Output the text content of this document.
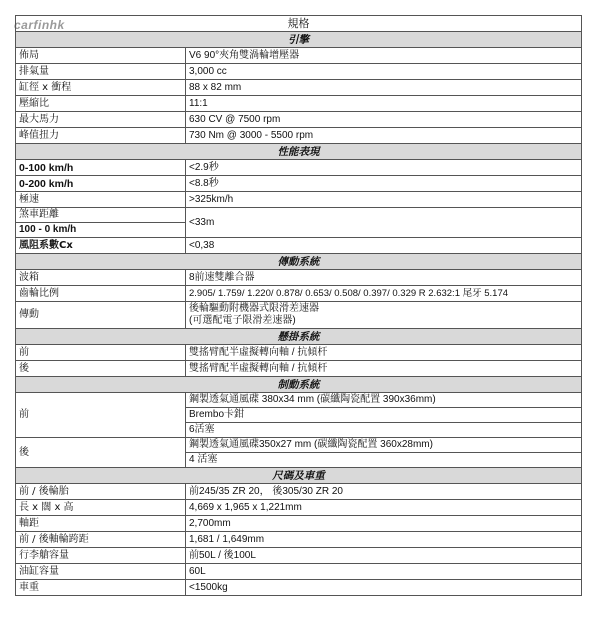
carfinhk	規格	
引擎	
佈局	V6 90°夾角雙渦輪增壓器
排氣量	3,000 cc
缸徑 x 衝程	88 x 82 mm
壓縮比	11:1
最大馬力	630 CV @ 7500 rpm
峰值扭力	730 Nm @ 3000 - 5500 rpm
性能表現	
0-100 km/h	<2.9秒
0-200 km/h	<8.8秒
極速	>325km/h

煞車距離
100 - 0 km/h	<33m
風阻系數Cx	<0,38
傳動系統	
波箱	8前速雙離合器
齒輪比例	2.905/ 1.759/ 1.220/ 0.878/ 0.653/ 0.508/ 0.397/ 0.329 R 2.632:1 尾牙 5.174
傳動	後輪驅動附機器式限滑差速器
(可選配電子限滑差速器)

懸掛系統	
前	雙搖臂配半虛擬轉向軸 / 抗傾杆
後	雙搖臂配半虛擬轉向軸 / 抗傾杆
制動系統	
前	鋼製透氣通風碟 380x34 mm (碳纖陶瓷配置 390x36mm)
Brembo卡鉗
6活塞

後	鋼製透氣通風碟350x27 mm (碳纖陶瓷配置 360x28mm)
4 活塞

尺碼及車重	
前 / 後輪胎	前245/35 ZR 20， 後305/30 ZR 20
長 x 闊 x 高	4,669 x 1,965 x 1,221mm
軸距	2,700mm
前 / 後軸輪跨距	1,681 / 1,649mm
行李艙容量	前50L / 後100L
油缸容量	60L
車重	<1500kg
